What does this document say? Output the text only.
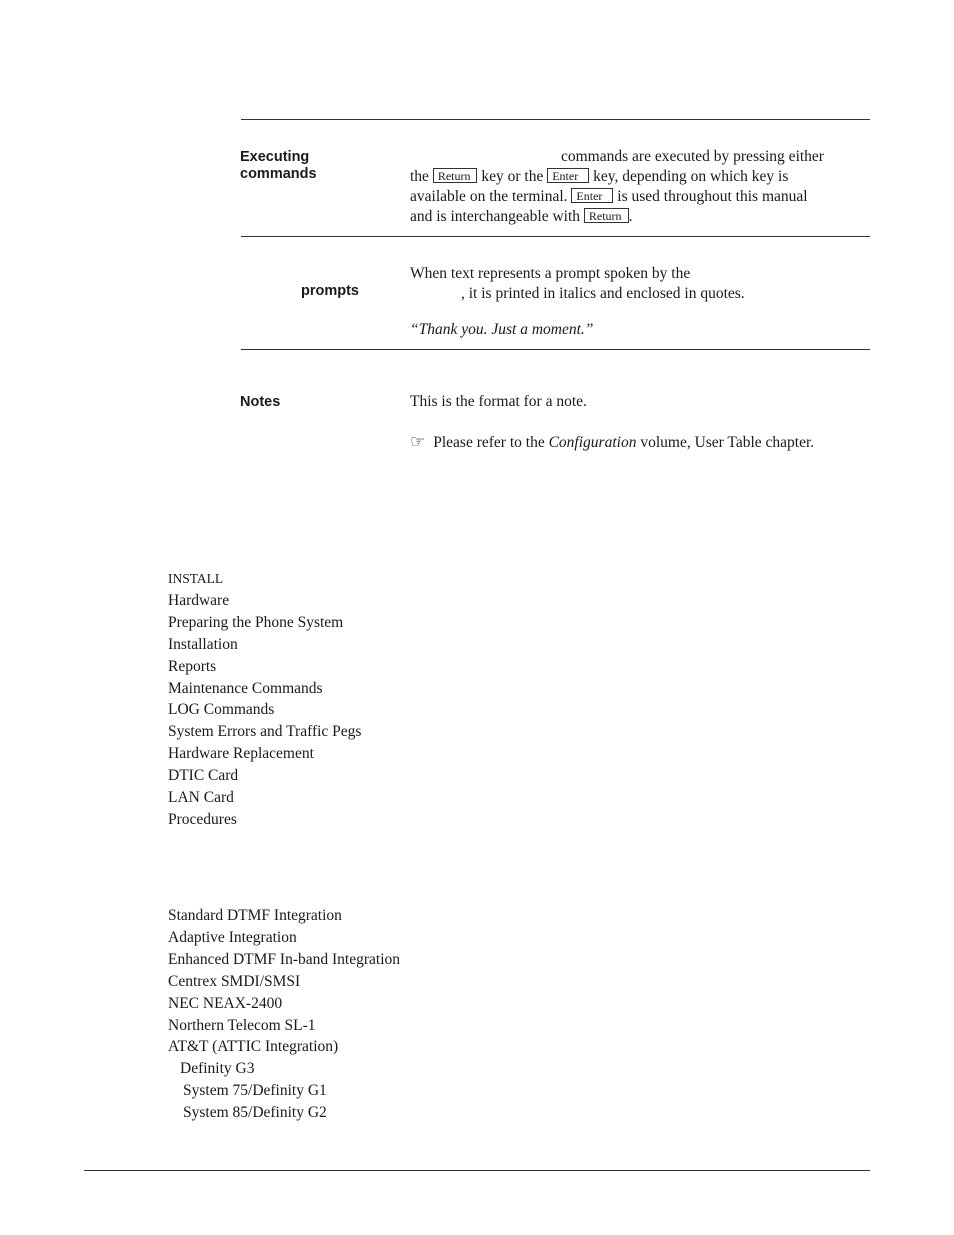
Executing
commands
commands are executed by pressing either
the Return key or the Enter key, depending on which key is
available on the terminal. Enter is used throughout this manual
and is interchangeable with Return .
prompts
When text represents a prompt spoken by the
, it is printed in italics and enclosed in quotes.
“Thank you. Just a moment.”
Notes	This is the format for a note.
☞ Please refer to the Configuration volume, User Table chapter.
INSTALL
Hardware
Preparing the Phone System
Installation
Reports
Maintenance Commands
LOG Commands
System Errors and Traffic Pegs
Hardware Replacement
DTIC Card
LAN Card
Procedures
Standard DTMF Integration
Adaptive Integration
Enhanced DTMF In-band Integration
Centrex SMDI/SMSI
NEC NEAX-2400
Northern Telecom SL-1
AT&T (ATTIC Integration)
Definity G3
System 75/Definity G1
System 85/Definity G2
